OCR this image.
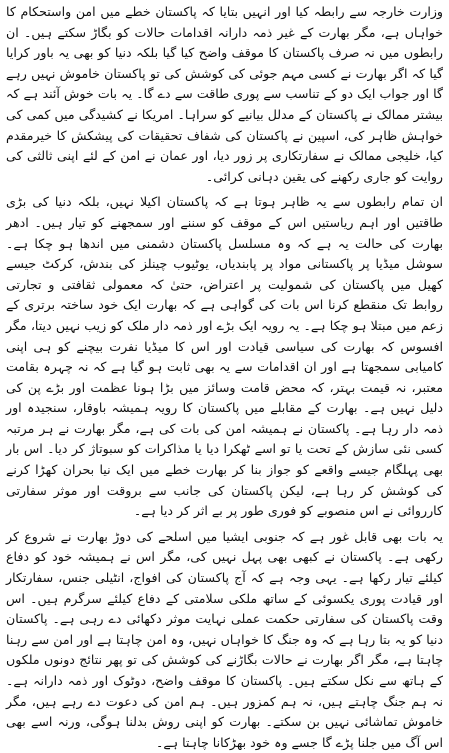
وزارت خارجہ سے رابطہ کیا اور انہیں بتایا کہ پاکستان خطے میں امن واستحکام کا خواہاں ہے، مگر بھارت کے غیر ذمہ دارانہ اقدامات حالات کو بگاڑ سکتے ہیں۔ ان رابطوں میں نہ صرف پاکستان کا موقف واضح کیا گیا بلکہ دنیا کو بھی یہ باور کرایا گیا کہ اگر بھارت نے کسی مہم جوئی کی کوشش کی تو پاکستان خاموش نہیں رہے گا اور جواب ایک دو کے تناسب سے پوری طاقت سے دے گا۔ یہ بات خوش آئند ہے کہ بیشتر ممالک نے پاکستان کے مدلل بیانیے کو سراہا۔ امریکا نے کشیدگی میں کمی کی خواہش ظاہر کی، اسپین نے پاکستان کی شفاف تحقیقات کی پیشکش کا خیرمقدم کیا، خلیجی ممالک نے سفارتکاری پر زور دیا، اور عمان نے امن کے لئے اپنی ثالثی کی روایت کو جاری رکھنے کی یقین دہانی کرائی۔

ان تمام رابطوں سے یہ ظاہر ہوتا ہے کہ پاکستان اکیلا نہیں، بلکہ دنیا کی بڑی طاقتیں اور اہم ریاستیں اس کے موقف کو سننے اور سمجھنے کو تیار ہیں۔ ادھر بھارت کی حالت یہ ہے کہ وہ مسلسل پاکستان دشمنی میں اندھا ہو چکا ہے۔ سوشل میڈیا پر پاکستانی مواد پر پابندیاں، یوٹیوب چینلز کی بندش، کرکٹ جیسے کھیل میں پاکستان کی شمولیت پر اعتراض، حتیٰ کہ معمولی ثقافتی و تجارتی روابط تک منقطع کرنا اس بات کی گواہی ہے کہ بھارت ایک خود ساختہ برتری کے زعم میں مبتلا ہو چکا ہے۔ یہ رویہ ایک بڑے اور ذمہ دار ملک کو زیب نہیں دیتا، مگر افسوس کہ بھارت کی سیاسی قیادت اور اس کا میڈیا نفرت بیچنے کو ہی اپنی کامیابی سمجھتا ہے اور ان اقدامات سے یہ بھی ثابت ہو گیا ہے کہ نہ چہرہ بقامت معتبر، نہ قیمت بہتر، کہ محض قامت وسائز میں بڑا ہونا عظمت اور بڑے پن کی دلیل نہیں ہے۔ بھارت کے مقابلے میں پاکستان کا رویہ ہمیشہ باوقار، سنجیدہ اور ذمہ دار رہا ہے۔ پاکستان نے ہمیشہ امن کی بات کی ہے، مگر بھارت نے ہر مرتبہ کسی نئی سازش کے تحت یا تو اسے ٹھکرا دیا یا مذاکرات کو سبوتاژ کر دیا۔ اس بار بھی پہلگام جیسے واقعے کو جواز بنا کر بھارت خطے میں ایک نیا بحران کھڑا کرنے کی کوشش کر رہا ہے، لیکن پاکستان کی جانب سے بروقت اور موثر سفارتی کارروائی نے اس منصوبے کو فوری طور پر بے اثر کر دیا ہے۔

یہ بات بھی قابل غور ہے کہ جنوبی ایشیا میں اسلحے کی دوڑ بھارت نے شروع کر رکھی ہے۔ پاکستان نے کبھی بھی پہل نہیں کی، مگر اس نے ہمیشہ خود کو دفاع کیلئے تیار رکھا ہے۔ یہی وجہ ہے کہ آج پاکستان کی افواج، انٹیلی جنس، سفارتکار اور قیادت پوری یکسوئی کے ساتھ ملکی سلامتی کے دفاع کیلئے سرگرم ہیں۔ اس وقت پاکستان کی سفارتی حکمت عملی نہایت موثر دکھائی دے رہی ہے۔ پاکستان دنیا کو یہ بتا رہا ہے کہ وہ جنگ کا خواہاں نہیں، وہ امن چاہتا ہے اور امن سے رہنا چاہتا ہے، مگر اگر بھارت نے حالات بگاڑنے کی کوشش کی تو پھر نتائج دونوں ملکوں کے ہاتھ سے نکل سکتے ہیں۔ پاکستان کا موقف واضح، دوٹوک اور ذمہ دارانہ ہے۔ نہ ہم جنگ چاہتے ہیں، نہ ہم کمزور ہیں۔ ہم امن کی دعوت دے رہے ہیں، مگر خاموش تماشائی نہیں بن سکتے۔ بھارت کو اپنی روش بدلنا ہوگی، ورنہ اسے بھی اس آگ میں جلنا پڑے گا جسے وہ خود بھڑکانا چاہتا ہے۔
